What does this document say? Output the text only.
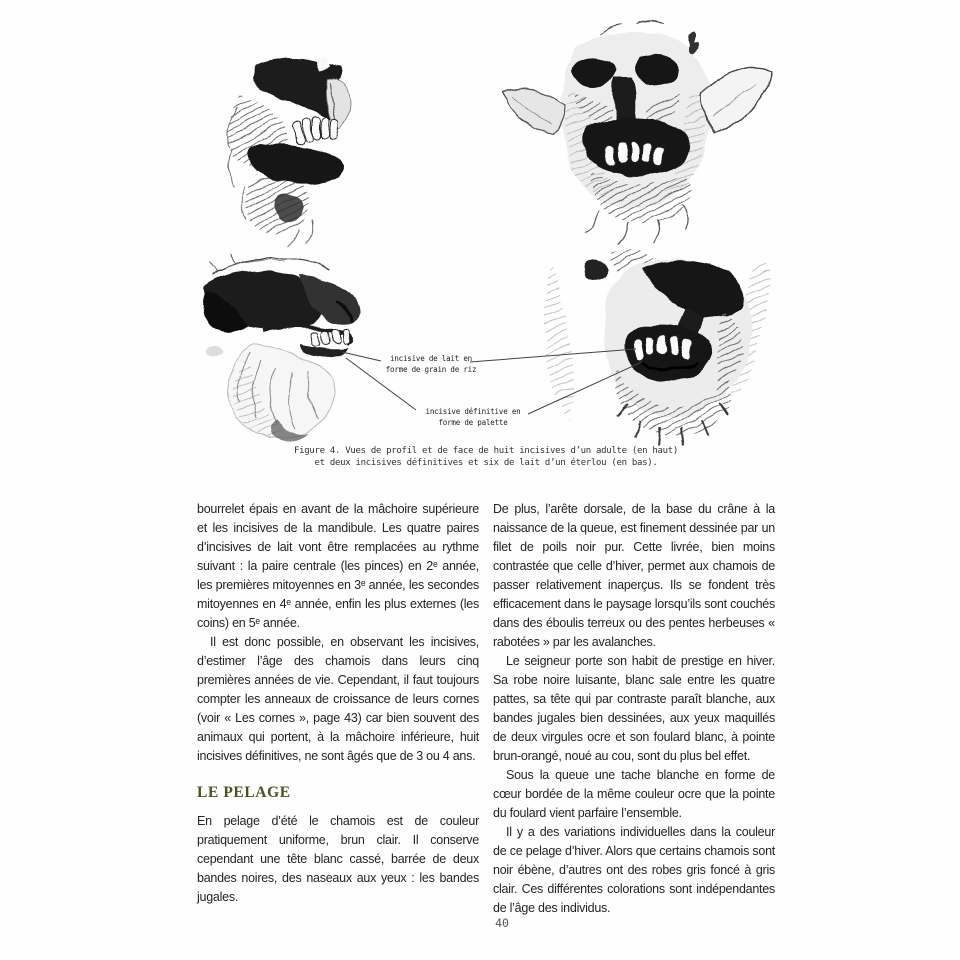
incisive de lait en
forme de grain de riz
incisive définitive en
forme de palette
Figure 4. Vues de profil et de face de huit incisives d’un adulte (en haut)
et deux incisives définitives et six de lait d’un éterlou (en bas).

bourrelet épais en avant de la mâchoire supérieure et les incisives de la mandibule. Les quatre paires d’incisives de lait vont être remplacées au rythme suivant : la paire centrale (les pinces) en 2ᵉ année, les premières mitoyennes en 3ᵉ année, les secondes mitoyennes en 4ᵉ année, enfin les plus externes (les coins) en 5ᵉ année.

Il est donc possible, en observant les incisives, d’estimer l’âge des chamois dans leurs cinq premières années de vie. Cependant, il faut toujours compter les anneaux de croissance de leurs cornes (voir « Les cornes », page 43) car bien souvent des animaux qui portent, à la mâchoire inférieure, huit incisives définitives, ne sont âgés que de 3 ou 4 ans.

LE PELAGE

En pelage d’été le chamois est de couleur pratiquement uniforme, brun clair. Il conserve cependant une tête blanc cassé, barrée de deux bandes noires, des naseaux aux yeux : les bandes jugales.

De plus, l’arête dorsale, de la base du crâne à la naissance de la queue, est finement dessinée par un filet de poils noir pur. Cette livrée, bien moins contrastée que celle d’hiver, permet aux chamois de passer relativement inaperçus. Ils se fondent très efficacement dans le paysage lorsqu’ils sont couchés dans des éboulis terreux ou des pentes herbeuses « rabotées » par les avalanches.

Le seigneur porte son habit de prestige en hiver. Sa robe noire luisante, blanc sale entre les quatre pattes, sa tête qui par contraste paraît blanche, aux bandes jugales bien dessinées, aux yeux maquillés de deux virgules ocre et son foulard blanc, à pointe brun-orangé, noué au cou, sont du plus bel effet.

Sous la queue une tache blanche en forme de cœur bordée de la même couleur ocre que la pointe du foulard vient parfaire l’ensemble.

Il y a des variations individuelles dans la couleur de ce pelage d’hiver. Alors que certains chamois sont noir ébène, d’autres ont des robes gris foncé à gris clair. Ces différentes colorations sont indépendantes de l’âge des individus.

40
